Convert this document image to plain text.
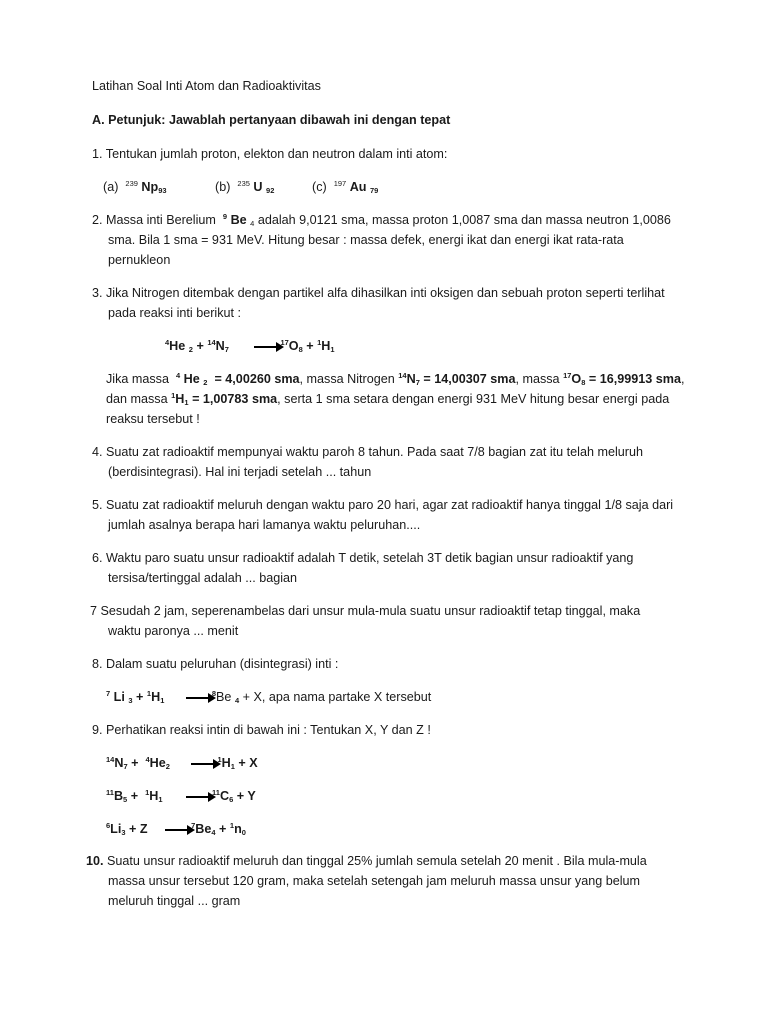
Latihan Soal Inti Atom dan Radioaktivitas
A. Petunjuk: Jawablah pertanyaan dibawah ini dengan tepat
1. Tentukan jumlah proton, elekton dan neutron dalam inti atom:
(a) $^{239}$ $Np_{93}$	(b) $^{235}$ U $_{92}$	(c) $^{197}$ Au $_{79}$
2. Massa inti Berelium $^9$ Be $_4$ adalah 9,0121 sma, massa proton 1,0087 sma dan massa neutron 1,0086
sma. Bila 1 sma = 931 MeV. Hitung besar : massa defek, energi ikat dan energi ikat rata-rata
pernukleon
3. Jika Nitrogen ditembak dengan partikel alfa dihasilkan inti oksigen dan sebuah proton seperti terlihat
pada reaksi inti berikut :
$^4$He $_2 + ^{14}N_7$ $^{17}O_8 + ^1H_1$
Jika massa $^4$ He $_2$ = 4,00260 sma, massa Nitrogen $^{14}N_7 = 14,00307$ sma, massa $^{17}O_8 = 16,99913$ sma,
dan massa $^1H_1 = 1,00783$ sma, serta 1 sma setara dengan energi 931 MeV hitung besar energi pada
reaksu tersebut !
4. Suatu zat radioaktif mempunyai waktu paroh 8 tahun. Pada saat 7/8 bagian zat itu telah meluruh
(berdisintegrasi). Hal ini terjadi setelah ... tahun
5. Suatu zat radioaktif meluruh dengan waktu paro 20 hari, agar zat radioaktif hanya tinggal 1/8 saja dari
jumlah asalnya berapa hari lamanya waktu peluruhan....
6. Waktu paro suatu unsur radioaktif adalah T detik, setelah 3T detik bagian unsur radioaktif yang
tersisa/tertinggal adalah ... bagian
7 Sesudah 2 jam, seperenambelas dari unsur mula-mula suatu unsur radioaktif tetap tinggal, maka
waktu paronya ... menit
8. Dalam suatu peluruhan (disintegrasi) inti :
$^7$ Li $_3 + ^1H_1$ $^8$Be $_4$ + X, apa nama partake X tersebut
9. Perhatikan reaksi intin di bawah ini : Tentukan X, Y dan Z !
$^{14}N_7 + ^4He_2$ $^1H_1 + X$
$^{11}B_5 + ^1H_1$ $^{11}C_6 + Y$
$^6Li_3 + Z$	$^7Be_4 + ^1n_0$
10. Suatu unsur radioaktif meluruh dan tinggal 25% jumlah semula setelah 20 menit . Bila mula-mula
massa unsur tersebut 120 gram, maka setelah setengah jam meluruh massa unsur yang belum
meluruh tinggal ... gram
